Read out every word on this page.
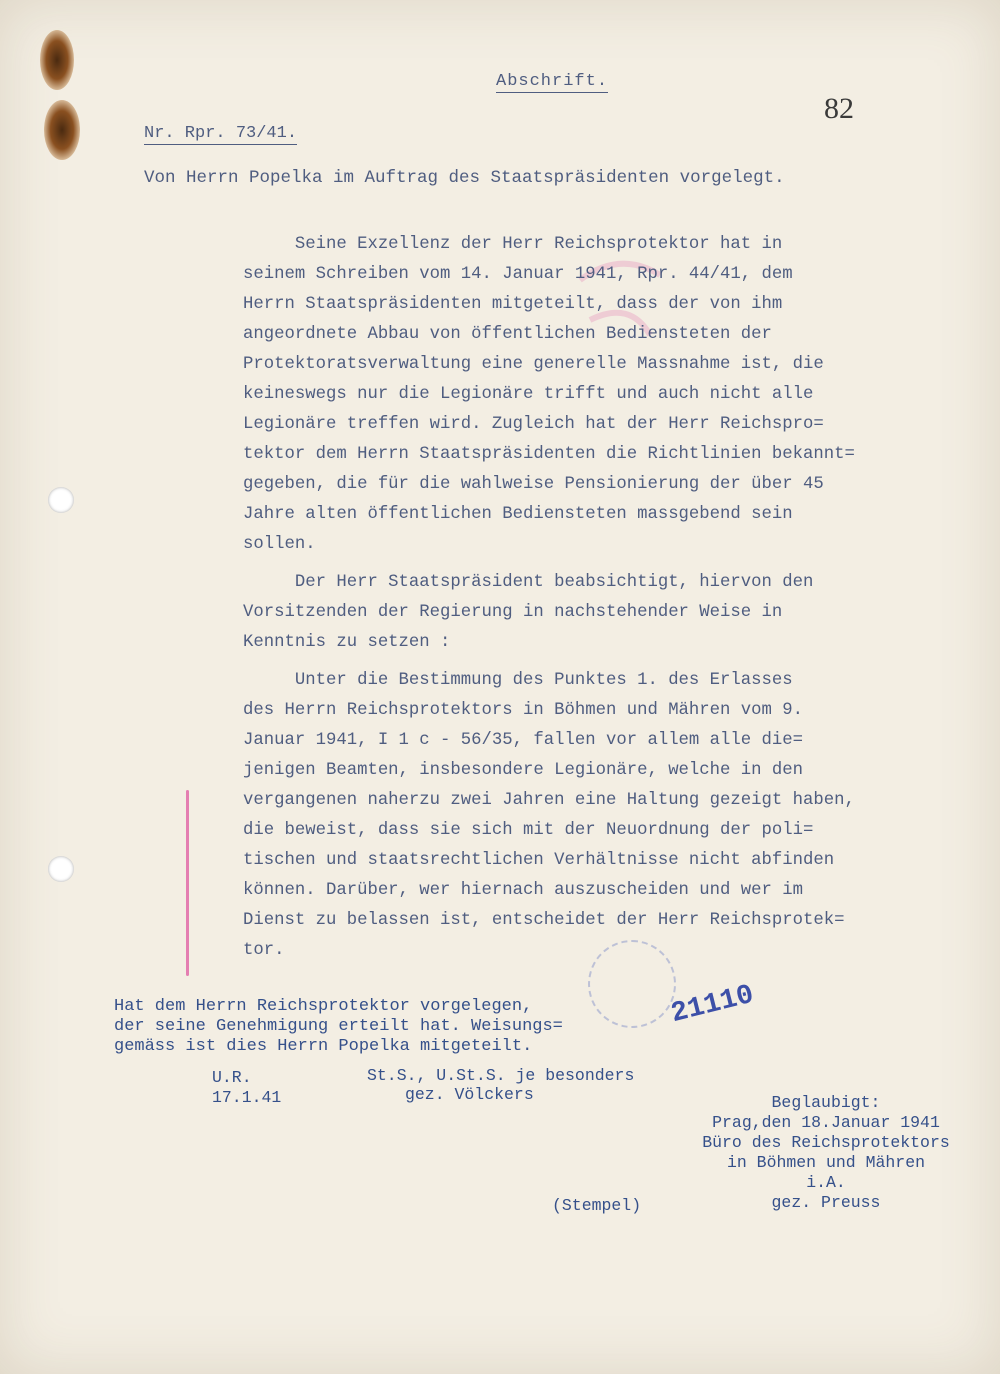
Abschrift.
82
Nr. Rpr. 73/41.
Von Herrn Popelka im Auftrag des Staatspräsidenten vorgelegt.

Seine Exzellenz der Herr Reichsprotektor hat in

seinem Schreiben vom 14. Januar 1941, Rpr. 44/41, dem

Herrn Staatspräsidenten mitgeteilt, dass der von ihm

angeordnete Abbau von öffentlichen Bediensteten der

Protektoratsverwaltung eine generelle Massnahme ist, die

keineswegs nur die Legionäre trifft und auch nicht alle

Legionäre treffen wird. Zugleich hat der Herr Reichspro=

tektor dem Herrn Staatspräsidenten die Richtlinien bekannt=

gegeben, die für die wahlweise Pensionierung der über 45

Jahre alten öffentlichen Bediensteten massgebend sein

sollen.

Der Herr Staatspräsident beabsichtigt, hiervon den

Vorsitzenden der Regierung in nachstehender Weise in

Kenntnis zu setzen :

Unter die Bestimmung des Punktes 1. des Erlasses

des Herrn Reichsprotektors in Böhmen und Mähren vom 9.

Januar 1941, I 1 c - 56/35, fallen vor allem alle die=

jenigen Beamten, insbesondere Legionäre, welche in den

vergangenen naherzu zwei Jahren eine Haltung gezeigt haben,

die beweist, dass sie sich mit der Neuordnung der poli=

tischen und staatsrechtlichen Verhältnisse nicht abfinden

können. Darüber, wer hiernach auszuscheiden und wer im

Dienst zu belassen ist, entscheidet der Herr Reichsprotek=

tor.

Hat dem Herrn Reichsprotektor vorgelegen,
der seine Genehmigung erteilt hat. Weisungs=
gemäss ist dies Herrn Popelka mitgeteilt.
21110
U.R.
17.1.41
St.S., U.St.S. je besonders
gez. Völckers	Beglaubigt:
Prag,den 18.Januar 1941
Büro des Reichsprotektors
in Böhmen und Mähren
i.A.
gez. Preuss
(Stempel)
